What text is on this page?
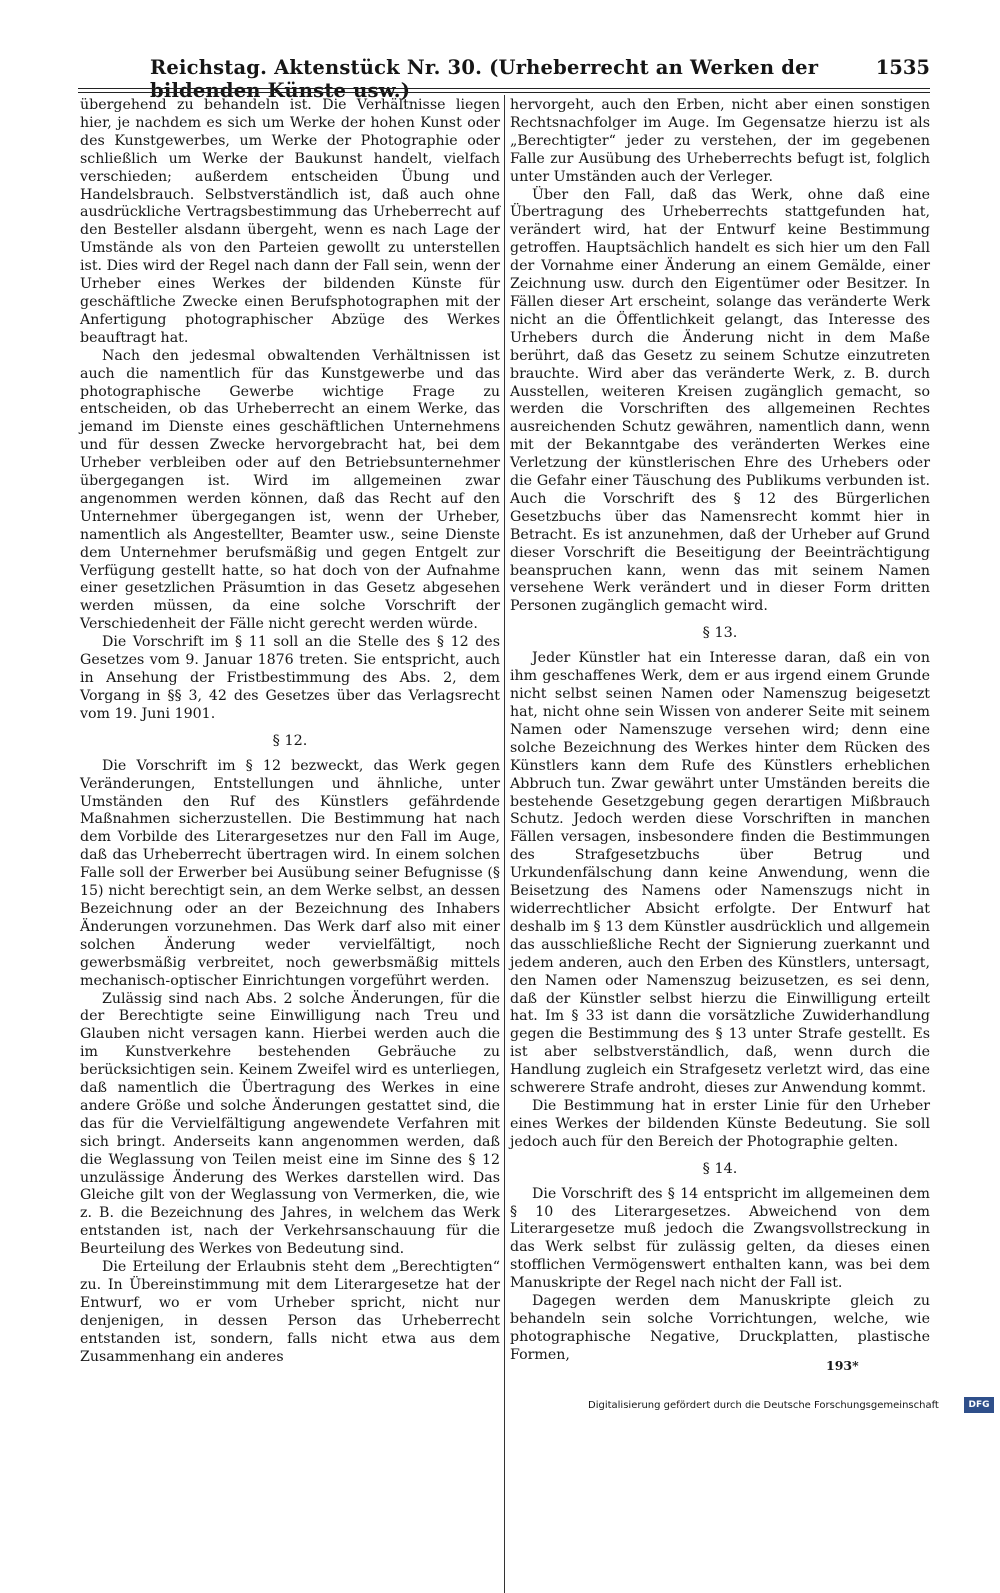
Reichstag. Aktenstück Nr. 30. (Urheberrecht an Werken der bildenden Künste usw.)
1535

übergehend zu behandeln ist. Die Verhältnisse liegen hier, je nachdem es sich um Werke der hohen Kunst oder des Kunstgewerbes, um Werke der Photographie oder schließlich um Werke der Baukunst handelt, vielfach verschieden; außerdem entscheiden Übung und Handelsbrauch. Selbstverständlich ist, daß auch ohne ausdrückliche Vertragsbestimmung das Urheberrecht auf den Besteller alsdann übergeht, wenn es nach Lage der Umstände als von den Parteien gewollt zu unterstellen ist. Dies wird der Regel nach dann der Fall sein, wenn der Urheber eines Werkes der bildenden Künste für geschäftliche Zwecke einen Berufsphotographen mit der Anfertigung photographischer Abzüge des Werkes beauftragt hat.

Nach den jedesmal obwaltenden Verhältnissen ist auch die namentlich für das Kunstgewerbe und das photographische Gewerbe wichtige Frage zu entscheiden, ob das Urheberrecht an einem Werke, das jemand im Dienste eines geschäftlichen Unternehmens und für dessen Zwecke hervorgebracht hat, bei dem Urheber verbleiben oder auf den Betriebsunternehmer übergegangen ist. Wird im allgemeinen zwar angenommen werden können, daß das Recht auf den Unternehmer übergegangen ist, wenn der Urheber, namentlich als Angestellter, Beamter usw., seine Dienste dem Unternehmer berufsmäßig und gegen Entgelt zur Verfügung gestellt hatte, so hat doch von der Aufnahme einer gesetzlichen Präsumtion in das Gesetz abgesehen werden müssen, da eine solche Vorschrift der Verschiedenheit der Fälle nicht gerecht werden würde.

Die Vorschrift im § 11 soll an die Stelle des § 12 des Gesetzes vom 9. Januar 1876 treten. Sie entspricht, auch in Ansehung der Fristbestimmung des Abs. 2, dem Vorgang in §§ 3, 42 des Gesetzes über das Verlagsrecht vom 19. Juni 1901.

§ 12.

Die Vorschrift im § 12 bezweckt, das Werk gegen Veränderungen, Entstellungen und ähnliche, unter Umständen den Ruf des Künstlers gefährdende Maßnahmen sicherzustellen. Die Bestimmung hat nach dem Vorbilde des Literargesetzes nur den Fall im Auge, daß das Urheberrecht übertragen wird. In einem solchen Falle soll der Erwerber bei Ausübung seiner Befugnisse (§ 15) nicht berechtigt sein, an dem Werke selbst, an dessen Bezeichnung oder an der Bezeichnung des Inhabers Änderungen vorzunehmen. Das Werk darf also mit einer solchen Änderung weder vervielfältigt, noch gewerbsmäßig verbreitet, noch gewerbsmäßig mittels mechanisch-optischer Einrichtungen vorgeführt werden.

Zulässig sind nach Abs. 2 solche Änderungen, für die der Berechtigte seine Einwilligung nach Treu und Glauben nicht versagen kann. Hierbei werden auch die im Kunstverkehre bestehenden Gebräuche zu berücksichtigen sein. Keinem Zweifel wird es unterliegen, daß namentlich die Übertragung des Werkes in eine andere Größe und solche Änderungen gestattet sind, die das für die Vervielfältigung angewendete Verfahren mit sich bringt. Anderseits kann angenommen werden, daß die Weglassung von Teilen meist eine im Sinne des § 12 unzulässige Änderung des Werkes darstellen wird. Das Gleiche gilt von der Weglassung von Vermerken, die, wie z. B. die Bezeichnung des Jahres, in welchem das Werk entstanden ist, nach der Verkehrsanschauung für die Beurteilung des Werkes von Bedeutung sind.

Die Erteilung der Erlaubnis steht dem „Berechtigten“ zu. In Übereinstimmung mit dem Literargesetze hat der Entwurf, wo er vom Urheber spricht, nicht nur denjenigen, in dessen Person das Urheberrecht entstanden ist, sondern, falls nicht etwa aus dem Zusammenhang ein anderes

hervorgeht, auch den Erben, nicht aber einen sonstigen Rechtsnachfolger im Auge. Im Gegensatze hierzu ist als „Berechtigter“ jeder zu verstehen, der im gegebenen Falle zur Ausübung des Urheberrechts befugt ist, folglich unter Umständen auch der Verleger.

Über den Fall, daß das Werk, ohne daß eine Übertragung des Urheberrechts stattgefunden hat, verändert wird, hat der Entwurf keine Bestimmung getroffen. Hauptsächlich handelt es sich hier um den Fall der Vornahme einer Änderung an einem Gemälde, einer Zeichnung usw. durch den Eigentümer oder Besitzer. In Fällen dieser Art erscheint, solange das veränderte Werk nicht an die Öffentlichkeit gelangt, das Interesse des Urhebers durch die Änderung nicht in dem Maße berührt, daß das Gesetz zu seinem Schutze einzutreten brauchte. Wird aber das veränderte Werk, z. B. durch Ausstellen, weiteren Kreisen zugänglich gemacht, so werden die Vorschriften des allgemeinen Rechtes ausreichenden Schutz gewähren, namentlich dann, wenn mit der Bekanntgabe des veränderten Werkes eine Verletzung der künstlerischen Ehre des Urhebers oder die Gefahr einer Täuschung des Publikums verbunden ist. Auch die Vorschrift des § 12 des Bürgerlichen Gesetzbuchs über das Namensrecht kommt hier in Betracht. Es ist anzunehmen, daß der Urheber auf Grund dieser Vorschrift die Beseitigung der Beeinträchtigung beanspruchen kann, wenn das mit seinem Namen versehene Werk verändert und in dieser Form dritten Personen zugänglich gemacht wird.

§ 13.

Jeder Künstler hat ein Interesse daran, daß ein von ihm geschaffenes Werk, dem er aus irgend einem Grunde nicht selbst seinen Namen oder Namenszug beigesetzt hat, nicht ohne sein Wissen von anderer Seite mit seinem Namen oder Namenszuge versehen wird; denn eine solche Bezeichnung des Werkes hinter dem Rücken des Künstlers kann dem Rufe des Künstlers erheblichen Abbruch tun. Zwar gewährt unter Umständen bereits die bestehende Gesetzgebung gegen derartigen Mißbrauch Schutz. Jedoch werden diese Vorschriften in manchen Fällen versagen, insbesondere finden die Bestimmungen des Strafgesetzbuchs über Betrug und Urkundenfälschung dann keine Anwendung, wenn die Beisetzung des Namens oder Namenszugs nicht in widerrechtlicher Absicht erfolgte. Der Entwurf hat deshalb im § 13 dem Künstler ausdrücklich und allgemein das ausschließliche Recht der Signierung zuerkannt und jedem anderen, auch den Erben des Künstlers, untersagt, den Namen oder Namenszug beizusetzen, es sei denn, daß der Künstler selbst hierzu die Einwilligung erteilt hat. Im § 33 ist dann die vorsätzliche Zuwiderhandlung gegen die Bestimmung des § 13 unter Strafe gestellt. Es ist aber selbstverständlich, daß, wenn durch die Handlung zugleich ein Strafgesetz verletzt wird, das eine schwerere Strafe androht, dieses zur Anwendung kommt.

Die Bestimmung hat in erster Linie für den Urheber eines Werkes der bildenden Künste Bedeutung. Sie soll jedoch auch für den Bereich der Photographie gelten.

§ 14.

Die Vorschrift des § 14 entspricht im allgemeinen dem § 10 des Literargesetzes. Abweichend von dem Literargesetze muß jedoch die Zwangsvollstreckung in das Werk selbst für zulässig gelten, da dieses einen stofflichen Vermögenswert enthalten kann, was bei dem Manuskripte der Regel nach nicht der Fall ist.

Dagegen werden dem Manuskripte gleich zu behandeln sein solche Vorrichtungen, welche, wie photographische Negative, Druckplatten, plastische Formen,

193*
Digitalisierung gefördert durch die Deutsche Forschungsgemeinschaft	DFG
